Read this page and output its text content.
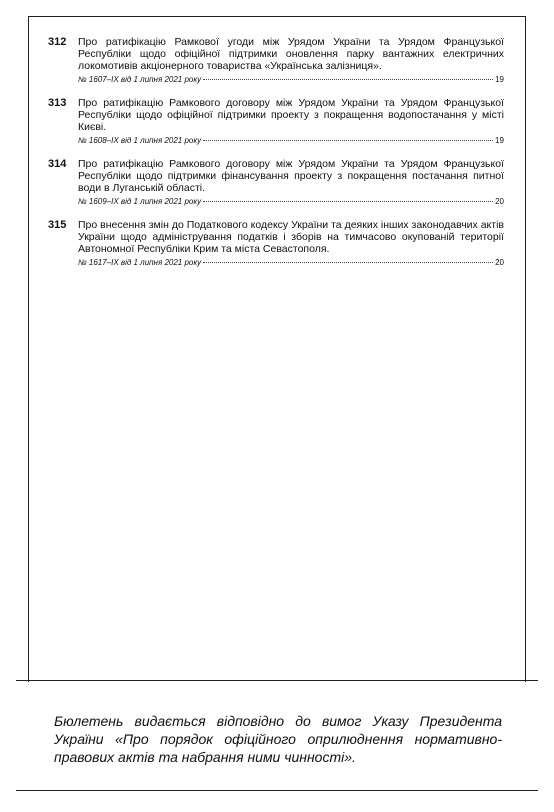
312	Про ратифікацію Рамкової угоди між Урядом України та Урядом Французької Республіки щодо офіційної підтримки оновлення парку вантажних електричних локомотивів акціонерного товариства «Українська залізниця».
№ 1607–IX від 1 липня 2021 року	19
313	Про ратифікацію Рамкового договору між Урядом України та Урядом Французької Республіки щодо офіційної підтримки проекту з покращення водопостачання у місті Києві.
№ 1608–IX від 1 липня 2021 року	19
314	Про ратифікацію Рамкового договору між Урядом України та Урядом Французької Республіки щодо підтримки фінансування проекту з покращення постачання питної води в Луганській області.
№ 1609–IX від 1 липня 2021 року	20
315	Про внесення змін до Податкового кодексу України та деяких інших законодавчих актів України щодо адміністрування податків і зборів на тимчасово окупованій території Автономної Республіки Крим та міста Севастополя.
№ 1617–IX від 1 липня 2021 року	20
Бюлетень видається відповідно до вимог Указу Президента України «Про порядок офіційного оприлюднення нормативно-правових актів та набрання ними чинності».
